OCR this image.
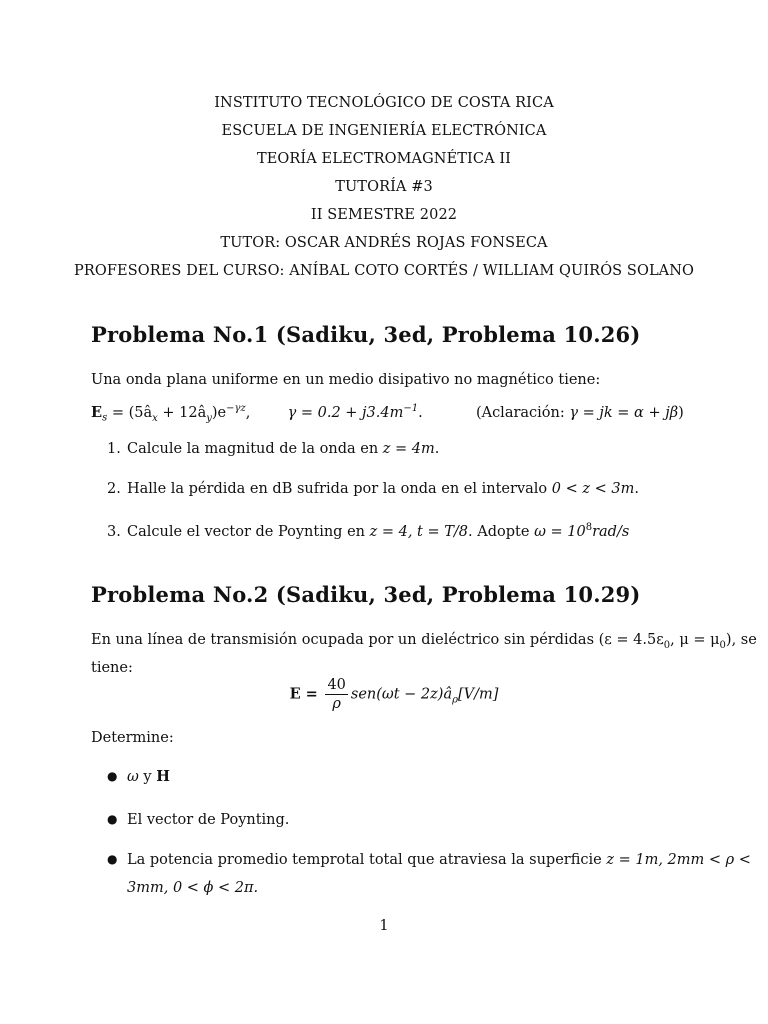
INSTITUTO TECNOLÓGICO DE COSTA RICA
ESCUELA DE INGENIERÍA ELECTRÓNICA
TEORÍA ELECTROMAGNÉTICA II
TUTORÍA #3
II SEMESTRE 2022
TUTOR: OSCAR ANDRÉS ROJAS FONSECA
PROFESORES DEL CURSO: ANÍBAL COTO CORTÉS / WILLIAM QUIRÓS SOLANO
Problema No.1 (Sadiku, 3ed, Problema 10.26)
Una onda plana uniforme en un medio disipativo no magnético tiene:
$E_s$ = ($5â_x$ + $12â_y)e^{-\gamma z}$,	$\gamma = 0.2 + j3.4m^{-1}$.	(Aclaración: γ = jk = α + jβ)
1. Calcule la magnitud de la onda en z = 4m.
2. Halle la pérdida en dB sufrida por la onda en el intervalo 0 < z < 3m.
3. Calcule el vector de Poynting en z = 4, t = T/8. Adopte $\omega = 10^8rad/s$
Problema No.2 (Sadiku, 3ed, Problema 10.29)
En una línea de transmisión ocupada por un dieléctrico sin pérdidas ($\varepsilon = 4.5\varepsilon_0$, $\mu = \mu_0$), se
tiene:
$E = \frac{40}{\rho} sen(\omega t$ − $2z)â_\rho[V/m]$
Determine:
● ω y H
● El vector de Poynting.
● La potencia promedio temprotal total que atraviesa la superficie z = 1m, 2mm < ρ <
3mm, 0 < ϕ < 2π.
1
